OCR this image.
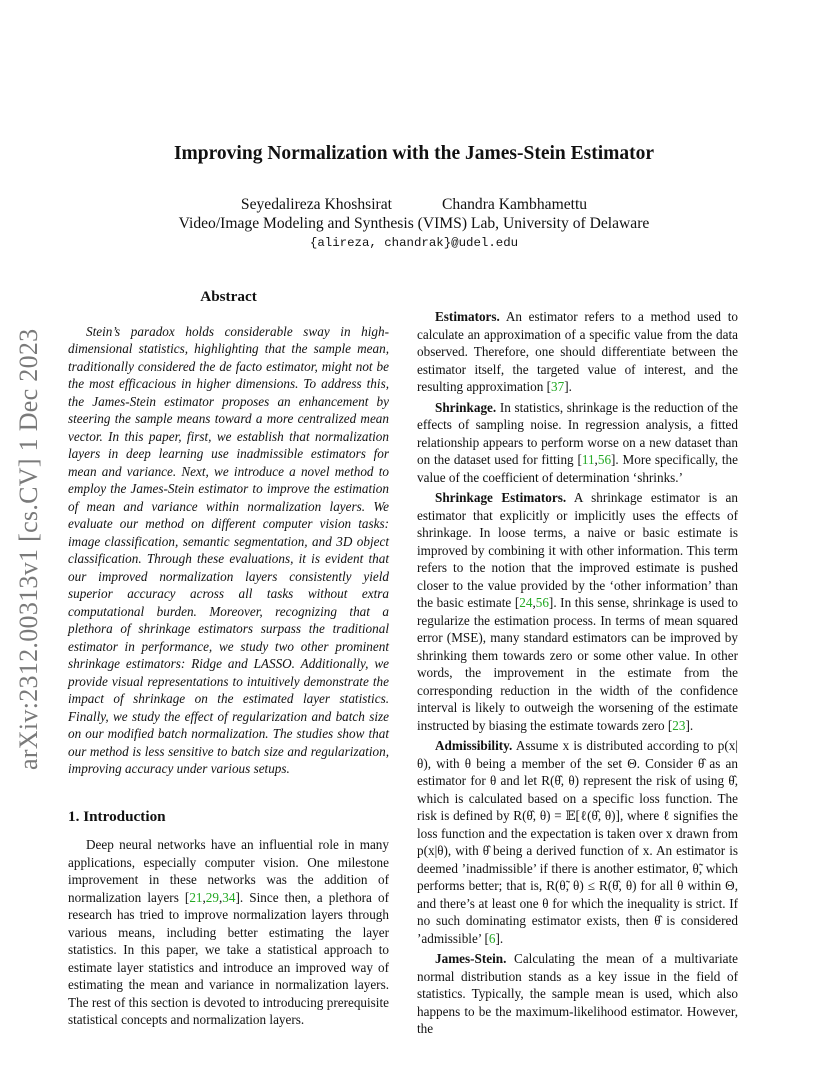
arXiv:2312.00313v1 [cs.CV] 1 Dec 2023
Improving Normalization with the James-Stein Estimator
Seyedalireza Khoshsirat	Chandra Kambhamettu
Video/Image Modeling and Synthesis (VIMS) Lab, University of Delaware
{alireza, chandrak}@udel.edu
Abstract

Stein’s paradox holds considerable sway in high-dimensional statistics, highlighting that the sample mean, traditionally considered the de facto estimator, might not be the most efficacious in higher dimensions. To address this, the James-Stein estimator proposes an enhancement by steering the sample means toward a more centralized mean vector. In this paper, first, we establish that normalization layers in deep learning use inadmissible estimators for mean and variance. Next, we introduce a novel method to employ the James-Stein estimator to improve the estimation of mean and variance within normalization layers. We evaluate our method on different computer vision tasks: image classification, semantic segmentation, and 3D object classification. Through these evaluations, it is evident that our improved normalization layers consistently yield superior accuracy across all tasks without extra computational burden. Moreover, recognizing that a plethora of shrinkage estimators surpass the traditional estimator in performance, we study two other prominent shrinkage estimators: Ridge and LASSO. Additionally, we provide visual representations to intuitively demonstrate the impact of shrinkage on the estimated layer statistics. Finally, we study the effect of regularization and batch size on our modified batch normalization. The studies show that our method is less sensitive to batch size and regularization, improving accuracy under various setups.

1. Introduction

Deep neural networks have an influential role in many applications, especially computer vision. One milestone improvement in these networks was the addition of normalization layers [21,29,34]. Since then, a plethora of research has tried to improve normalization layers through various means, including better estimating the layer statistics. In this paper, we take a statistical approach to estimate layer statistics and introduce an improved way of estimating the mean and variance in normalization layers. The rest of this section is devoted to introducing prerequisite statistical concepts and normalization layers.

Estimators. An estimator refers to a method used to calculate an approximation of a specific value from the data observed. Therefore, one should differentiate between the estimator itself, the targeted value of interest, and the resulting approximation [37].

Shrinkage. In statistics, shrinkage is the reduction of the effects of sampling noise. In regression analysis, a fitted relationship appears to perform worse on a new dataset than on the dataset used for fitting [11,56]. More specifically, the value of the coefficient of determination ‘shrinks.’

Shrinkage Estimators. A shrinkage estimator is an estimator that explicitly or implicitly uses the effects of shrinkage. In loose terms, a naive or basic estimate is improved by combining it with other information. This term refers to the notion that the improved estimate is pushed closer to the value provided by the ‘other information’ than the basic estimate [24,56]. In this sense, shrinkage is used to regularize the estimation process. In terms of mean squared error (MSE), many standard estimators can be improved by shrinking them towards zero or some other value. In other words, the improvement in the estimate from the corresponding reduction in the width of the confidence interval is likely to outweigh the worsening of the estimate instructed by biasing the estimate towards zero [23].

Admissibility. Assume x is distributed according to p(x|θ), with θ being a member of the set Θ. Consider θ̂ as an estimator for θ and let R(θ̂, θ) represent the risk of using θ̂, which is calculated based on a specific loss function. The risk is defined by R(θ̂, θ) = 𝔼[ℓ(θ̂, θ)], where ℓ signifies the loss function and the expectation is taken over x drawn from p(x|θ), with θ̂ being a derived function of x. An estimator is deemed ’inadmissible’ if there is another estimator, θ̃, which performs better; that is, R(θ̃, θ) ≤ R(θ̂, θ) for all θ within Θ, and there’s at least one θ for which the inequality is strict. If no such dominating estimator exists, then θ̂ is considered ’admissible’ [6].

James-Stein. Calculating the mean of a multivariate normal distribution stands as a key issue in the field of statistics. Typically, the sample mean is used, which also happens to be the maximum-likelihood estimator. However, the
